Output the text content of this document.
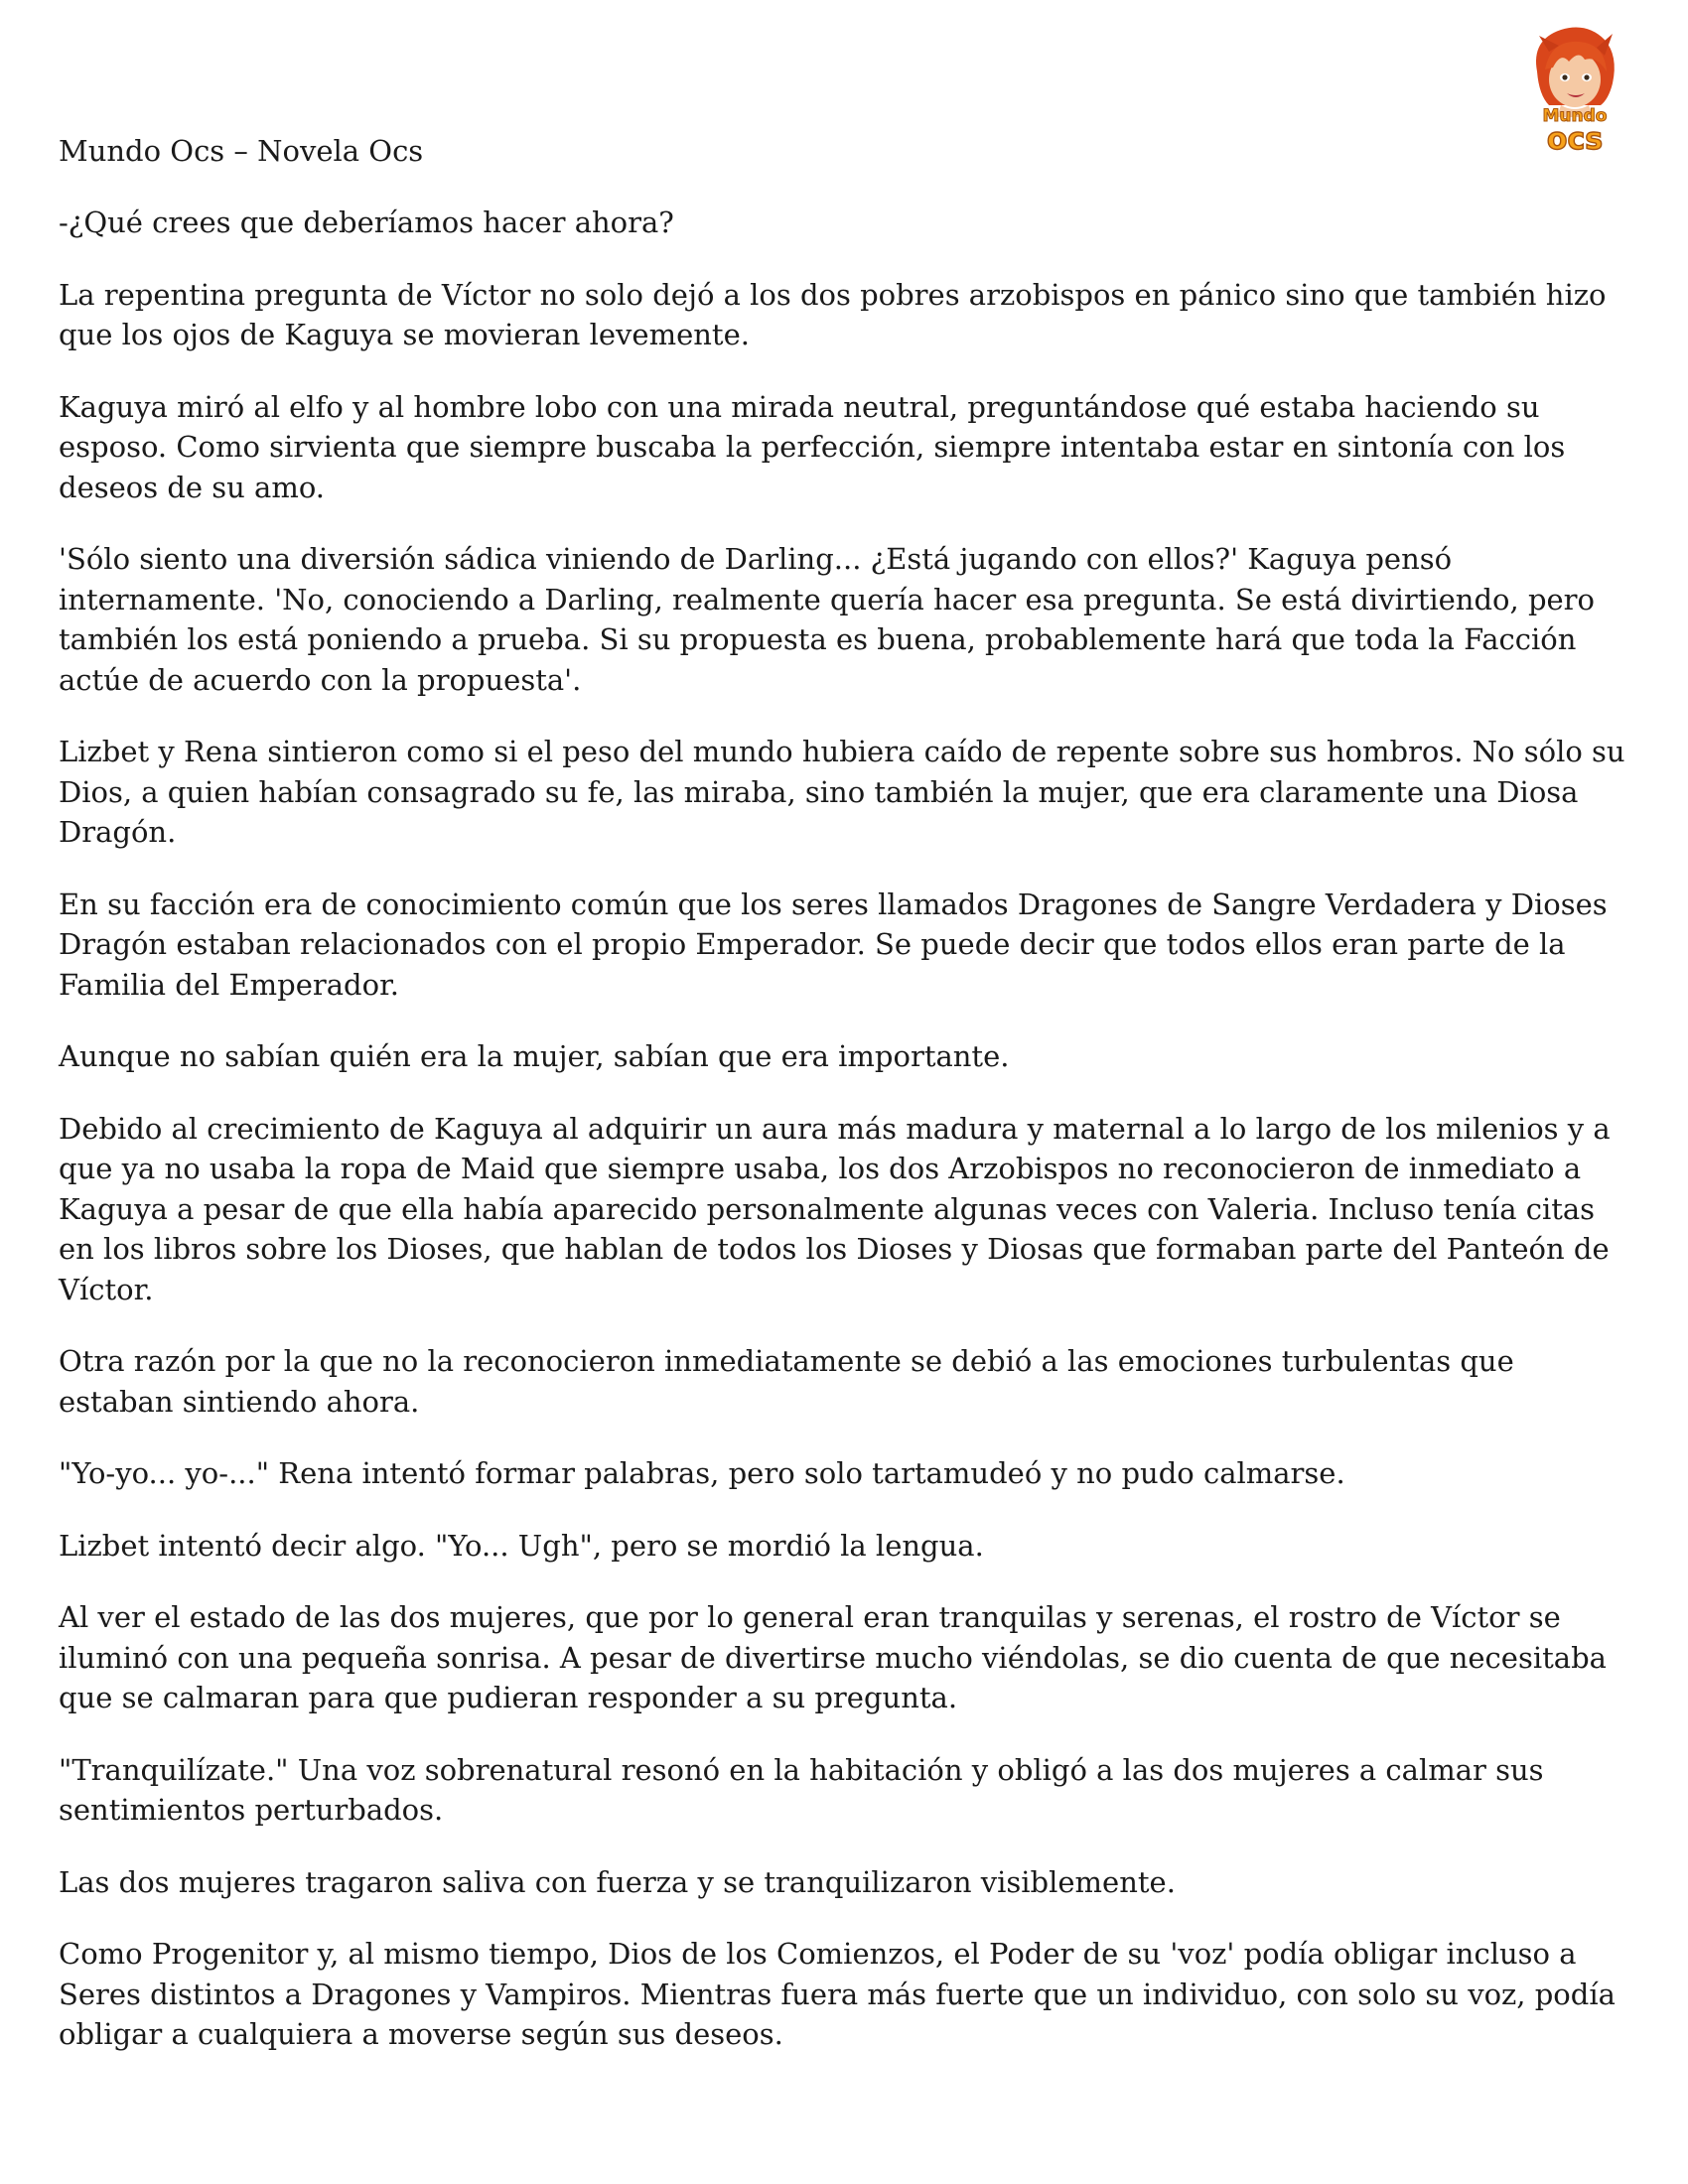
Mundo
ocs
Mundo Ocs – Novela Ocs

-¿Qué crees que deberíamos hacer ahora?

La repentina pregunta de Víctor no solo dejó a los dos pobres arzobispos en pánico sino que también hizo que los ojos de Kaguya se movieran levemente.

Kaguya miró al elfo y al hombre lobo con una mirada neutral, preguntándose qué estaba haciendo su esposo. Como sirvienta que siempre buscaba la perfección, siempre intentaba estar en sintonía con los deseos de su amo.

'Sólo siento una diversión sádica viniendo de Darling... ¿Está jugando con ellos?' Kaguya pensó internamente. 'No, conociendo a Darling, realmente quería hacer esa pregunta. Se está divirtiendo, pero también los está poniendo a prueba. Si su propuesta es buena, probablemente hará que toda la Facción actúe de acuerdo con la propuesta'.

Lizbet y Rena sintieron como si el peso del mundo hubiera caído de repente sobre sus hombros. No sólo su Dios, a quien habían consagrado su fe, las miraba, sino también la mujer, que era claramente una Diosa Dragón.

En su facción era de conocimiento común que los seres llamados Dragones de Sangre Verdadera y Dioses Dragón estaban relacionados con el propio Emperador. Se puede decir que todos ellos eran parte de la Familia del Emperador.

Aunque no sabían quién era la mujer, sabían que era importante.

Debido al crecimiento de Kaguya al adquirir un aura más madura y maternal a lo largo de los milenios y a que ya no usaba la ropa de Maid que siempre usaba, los dos Arzobispos no reconocieron de inmediato a Kaguya a pesar de que ella había aparecido personalmente algunas veces con Valeria. Incluso tenía citas en los libros sobre los Dioses, que hablan de todos los Dioses y Diosas que formaban parte del Panteón de Víctor.

Otra razón por la que no la reconocieron inmediatamente se debió a las emociones turbulentas que estaban sintiendo ahora.

"Yo-yo... yo-..." Rena intentó formar palabras, pero solo tartamudeó y no pudo calmarse.

Lizbet intentó decir algo. "Yo... Ugh", pero se mordió la lengua.

Al ver el estado de las dos mujeres, que por lo general eran tranquilas y serenas, el rostro de Víctor se iluminó con una pequeña sonrisa. A pesar de divertirse mucho viéndolas, se dio cuenta de que necesitaba que se calmaran para que pudieran responder a su pregunta.

"Tranquilízate." Una voz sobrenatural resonó en la habitación y obligó a las dos mujeres a calmar sus sentimientos perturbados.

Las dos mujeres tragaron saliva con fuerza y se tranquilizaron visiblemente.

Como Progenitor y, al mismo tiempo, Dios de los Comienzos, el Poder de su 'voz' podía obligar incluso a Seres distintos a Dragones y Vampiros. Mientras fuera más fuerte que un individuo, con solo su voz, podía obligar a cualquiera a moverse según sus deseos.
